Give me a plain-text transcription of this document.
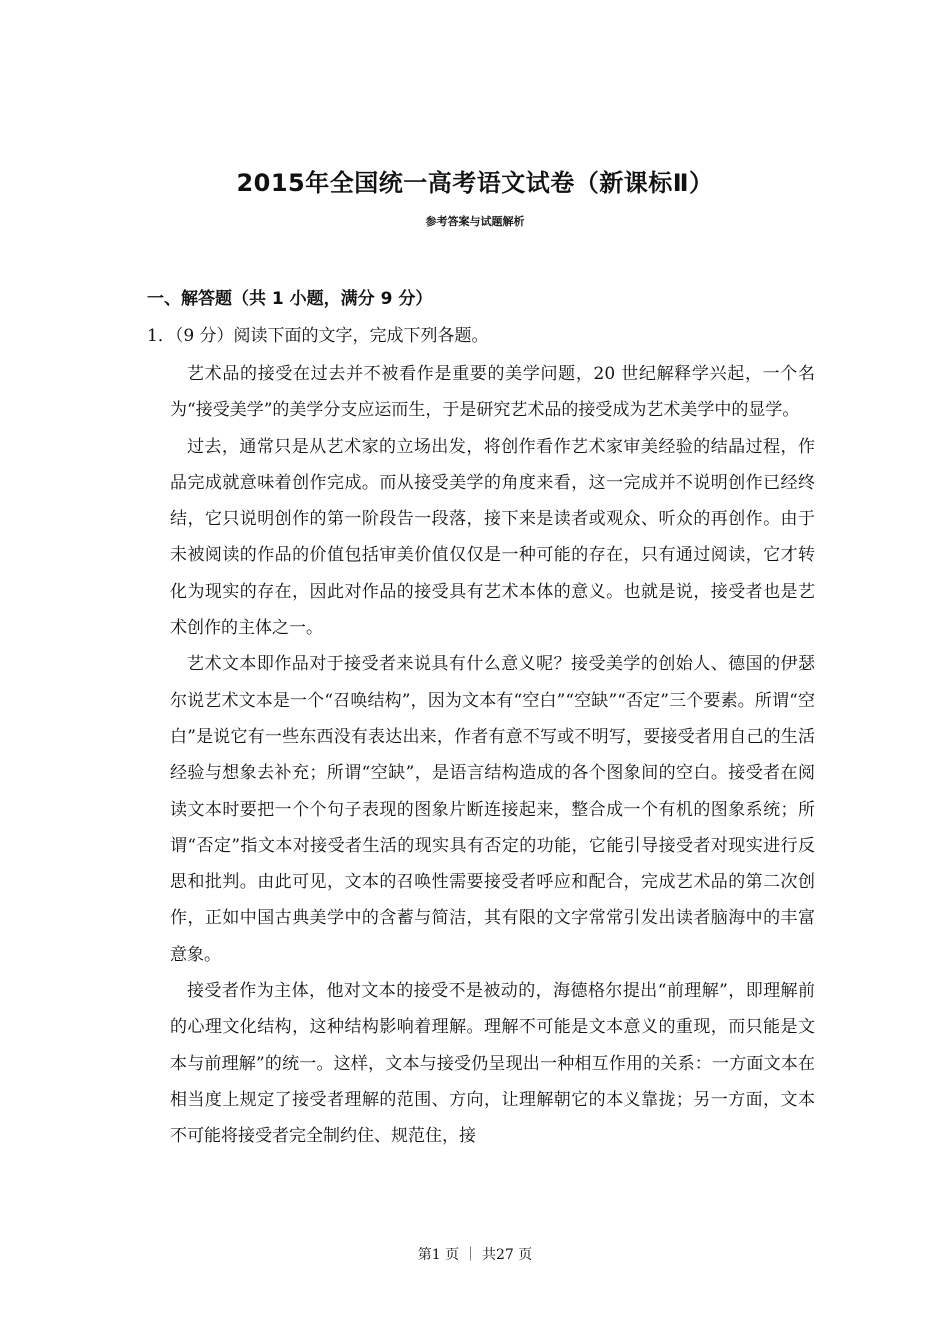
2015年全国统一高考语文试卷（新课标Ⅱ）
参考答案与试题解析
一、解答题（共 1 小题，满分 9 分）
1．（9 分）阅读下面的文字，完成下列各题。

艺术品的接受在过去并不被看作是重要的美学问题，20 世纪解释学兴起，一个名为“接受美学”的美学分支应运而生，于是研究艺术品的接受成为艺术美学中的显学。

过去，通常只是从艺术家的立场出发，将创作看作艺术家审美经验的结晶过程，作品完成就意味着创作完成。而从接受美学的角度来看，这一完成并不说明创作已经终结，它只说明创作的第一阶段告一段落，接下来是读者或观众、听众的再创作。由于未被阅读的作品的价值包括审美价值仅仅是一种可能的存在，只有通过阅读，它才转化为现实的存在，因此对作品的接受具有艺术本体的意义。也就是说，接受者也是艺术创作的主体之一。

艺术文本即作品对于接受者来说具有什么意义呢？接受美学的创始人、德国的伊瑟尔说艺术文本是一个“召唤结构”，因为文本有“空白”“空缺”“否定”三个要素。所谓“空白”是说它有一些东西没有表达出来，作者有意不写或不明写，要接受者用自己的生活经验与想象去补充；所谓“空缺”，是语言结构造成的各个图象间的空白。接受者在阅读文本时要把一个个句子表现的图象片断连接起来，整合成一个有机的图象系统；所谓“否定”指文本对接受者生活的现实具有否定的功能，它能引导接受者对现实进行反思和批判。由此可见，文本的召唤性需要接受者呼应和配合，完成艺术品的第二次创作，正如中国古典美学中的含蓄与简洁，其有限的文字常常引发出读者脑海中的丰富意象。

接受者作为主体，他对文本的接受不是被动的，海德格尔提出“前理解”，即理解前的心理文化结构，这种结构影响着理解。理解不可能是文本意义的重现，而只能是文本与前理解”的统一。这样，文本与接受仍呈现出一种相互作用的关系：一方面文本在相当度上规定了接受者理解的范围、方向，让理解朝它的本义靠拢；另一方面，文本不可能将接受者完全制约住、规范住，接

第1 页 ｜ 共27 页
